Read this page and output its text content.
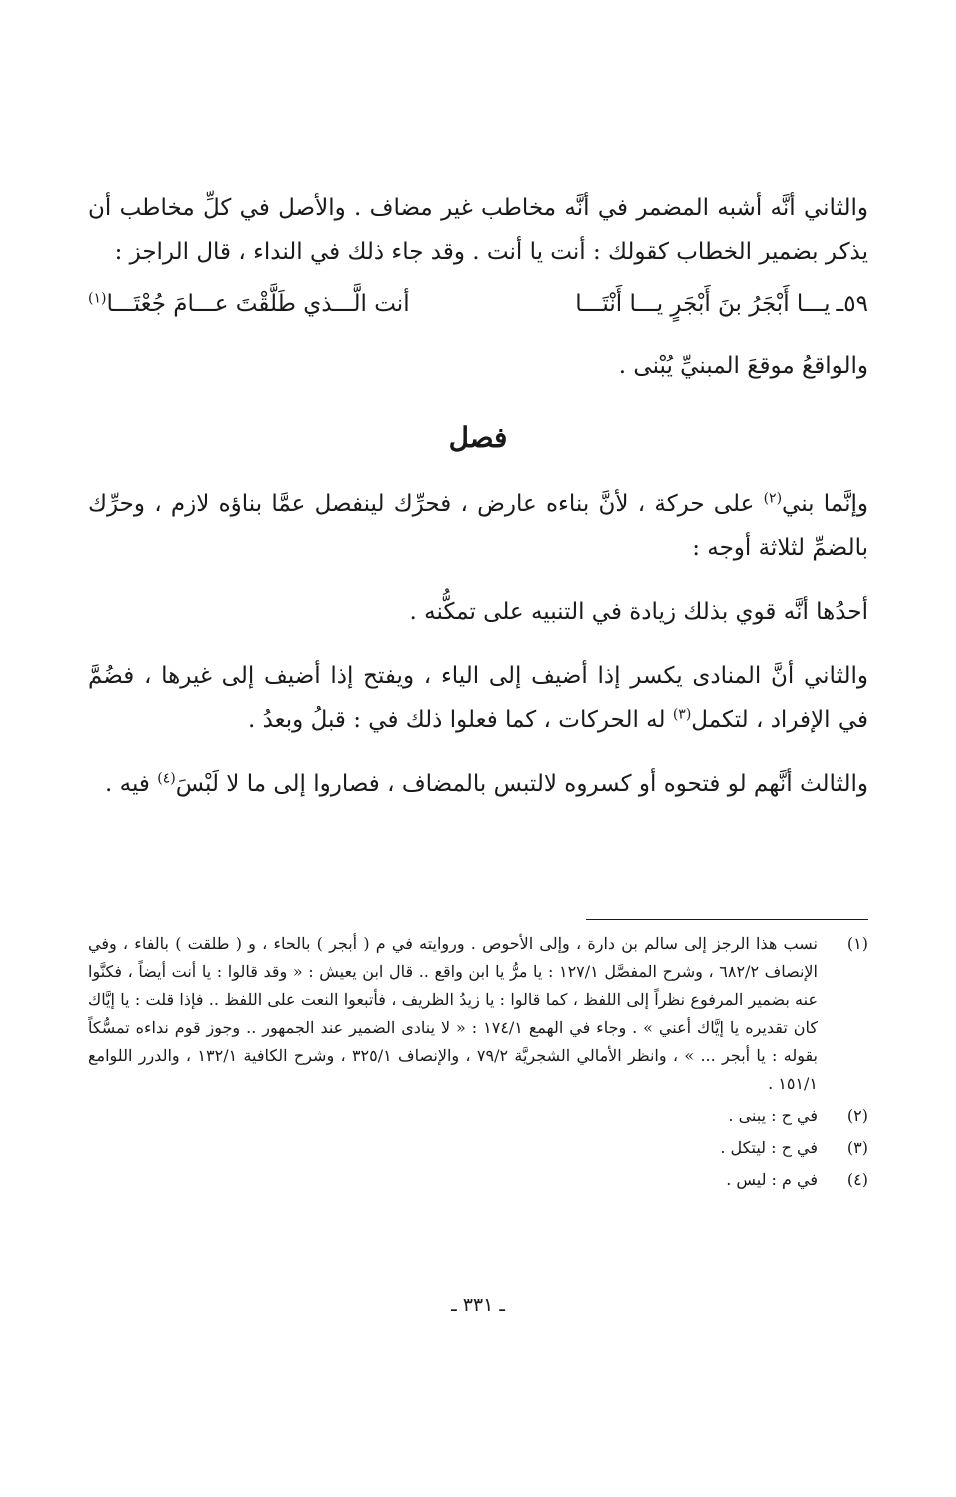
والثاني أنَّه أشبه المضمر في أنَّه مخاطب غير مضاف . والأصل في كلِّ مخاطب أن يذكر بضمير الخطاب كقولك : أنت يا أنت . وقد جاء ذلك في النداء ، قال الراجز :

٥٩ـ
يـــا أَبْجَرُ بنَ أَبْجَرٍ يـــا أَنْتَـــا
أنت الَّـــذي طَلَّقْتَ عـــامَ جُعْتَـــا$^{(١)}$

والواقعُ موقعَ المبنيِّ يُبْنى .

فصل

وإنَّما بني$^{(٢)}$ على حركة ، لأنَّ بناءه عارض ، فحرِّك لينفصل عمَّا بناؤه لازم ، وحرِّك بالضمِّ لثلاثة أوجه :

أحدُها أنَّه قوي بذلك زيادة في التنبيه على تمكُّنه .

والثاني أنَّ المنادى يكسر إذا أضيف إلى الياء ، ويفتح إذا أضيف إلى غيرها ، فضُمَّ في الإفراد ، لتكمل$^{(٣)}$ له الحركات ، كما فعلوا ذلك في : قبلُ وبعدُ .

والثالث أنَّهم لو فتحوه أو كسروه لالتبس بالمضاف ، فصاروا إلى ما لا لَبْسَ$^{(٤)}$ فيه .

(١)
نسب هذا الرجز إلى سالم بن دارة ، وإلى الأحوص . وروايته في م ( أبجر ) بالحاء ، و ( طلقت ) بالفاء ، وفي الإنصاف ٦٨٢/٢ ، وشرح المفصَّل ١٢٧/١ : يا مرُّ يا ابن واقع .. قال ابن يعيش : « وقد قالوا : يا أنت أيضاً ، فكنَّوا عنه بضمير المرفوع نظراً إلى اللفظ ، كما قالوا : يا زيدُ الظريف ، فأتبعوا النعت على اللفظ .. فإذا قلت : يا إيَّاك كان تقديره يا إيَّاك أعني » . وجاء في الهمع ١٧٤/١ : « لا ينادى الضمير عند الجمهور .. وجوز قوم نداءه تمسُّكاً بقوله : يا أبجر ... » ، وانظر الأمالي الشجريَّة ٧٩/٢ ، والإنصاف ٣٢٥/١ ، وشرح الكافية ١٣٢/١ ، والدرر اللوامع ١٥١/١ .
(٢)
في ح : يبنى .
(٣)
في ح : ليتكل .
(٤)
في م : ليس .
ـ ٣٣١ ـ
